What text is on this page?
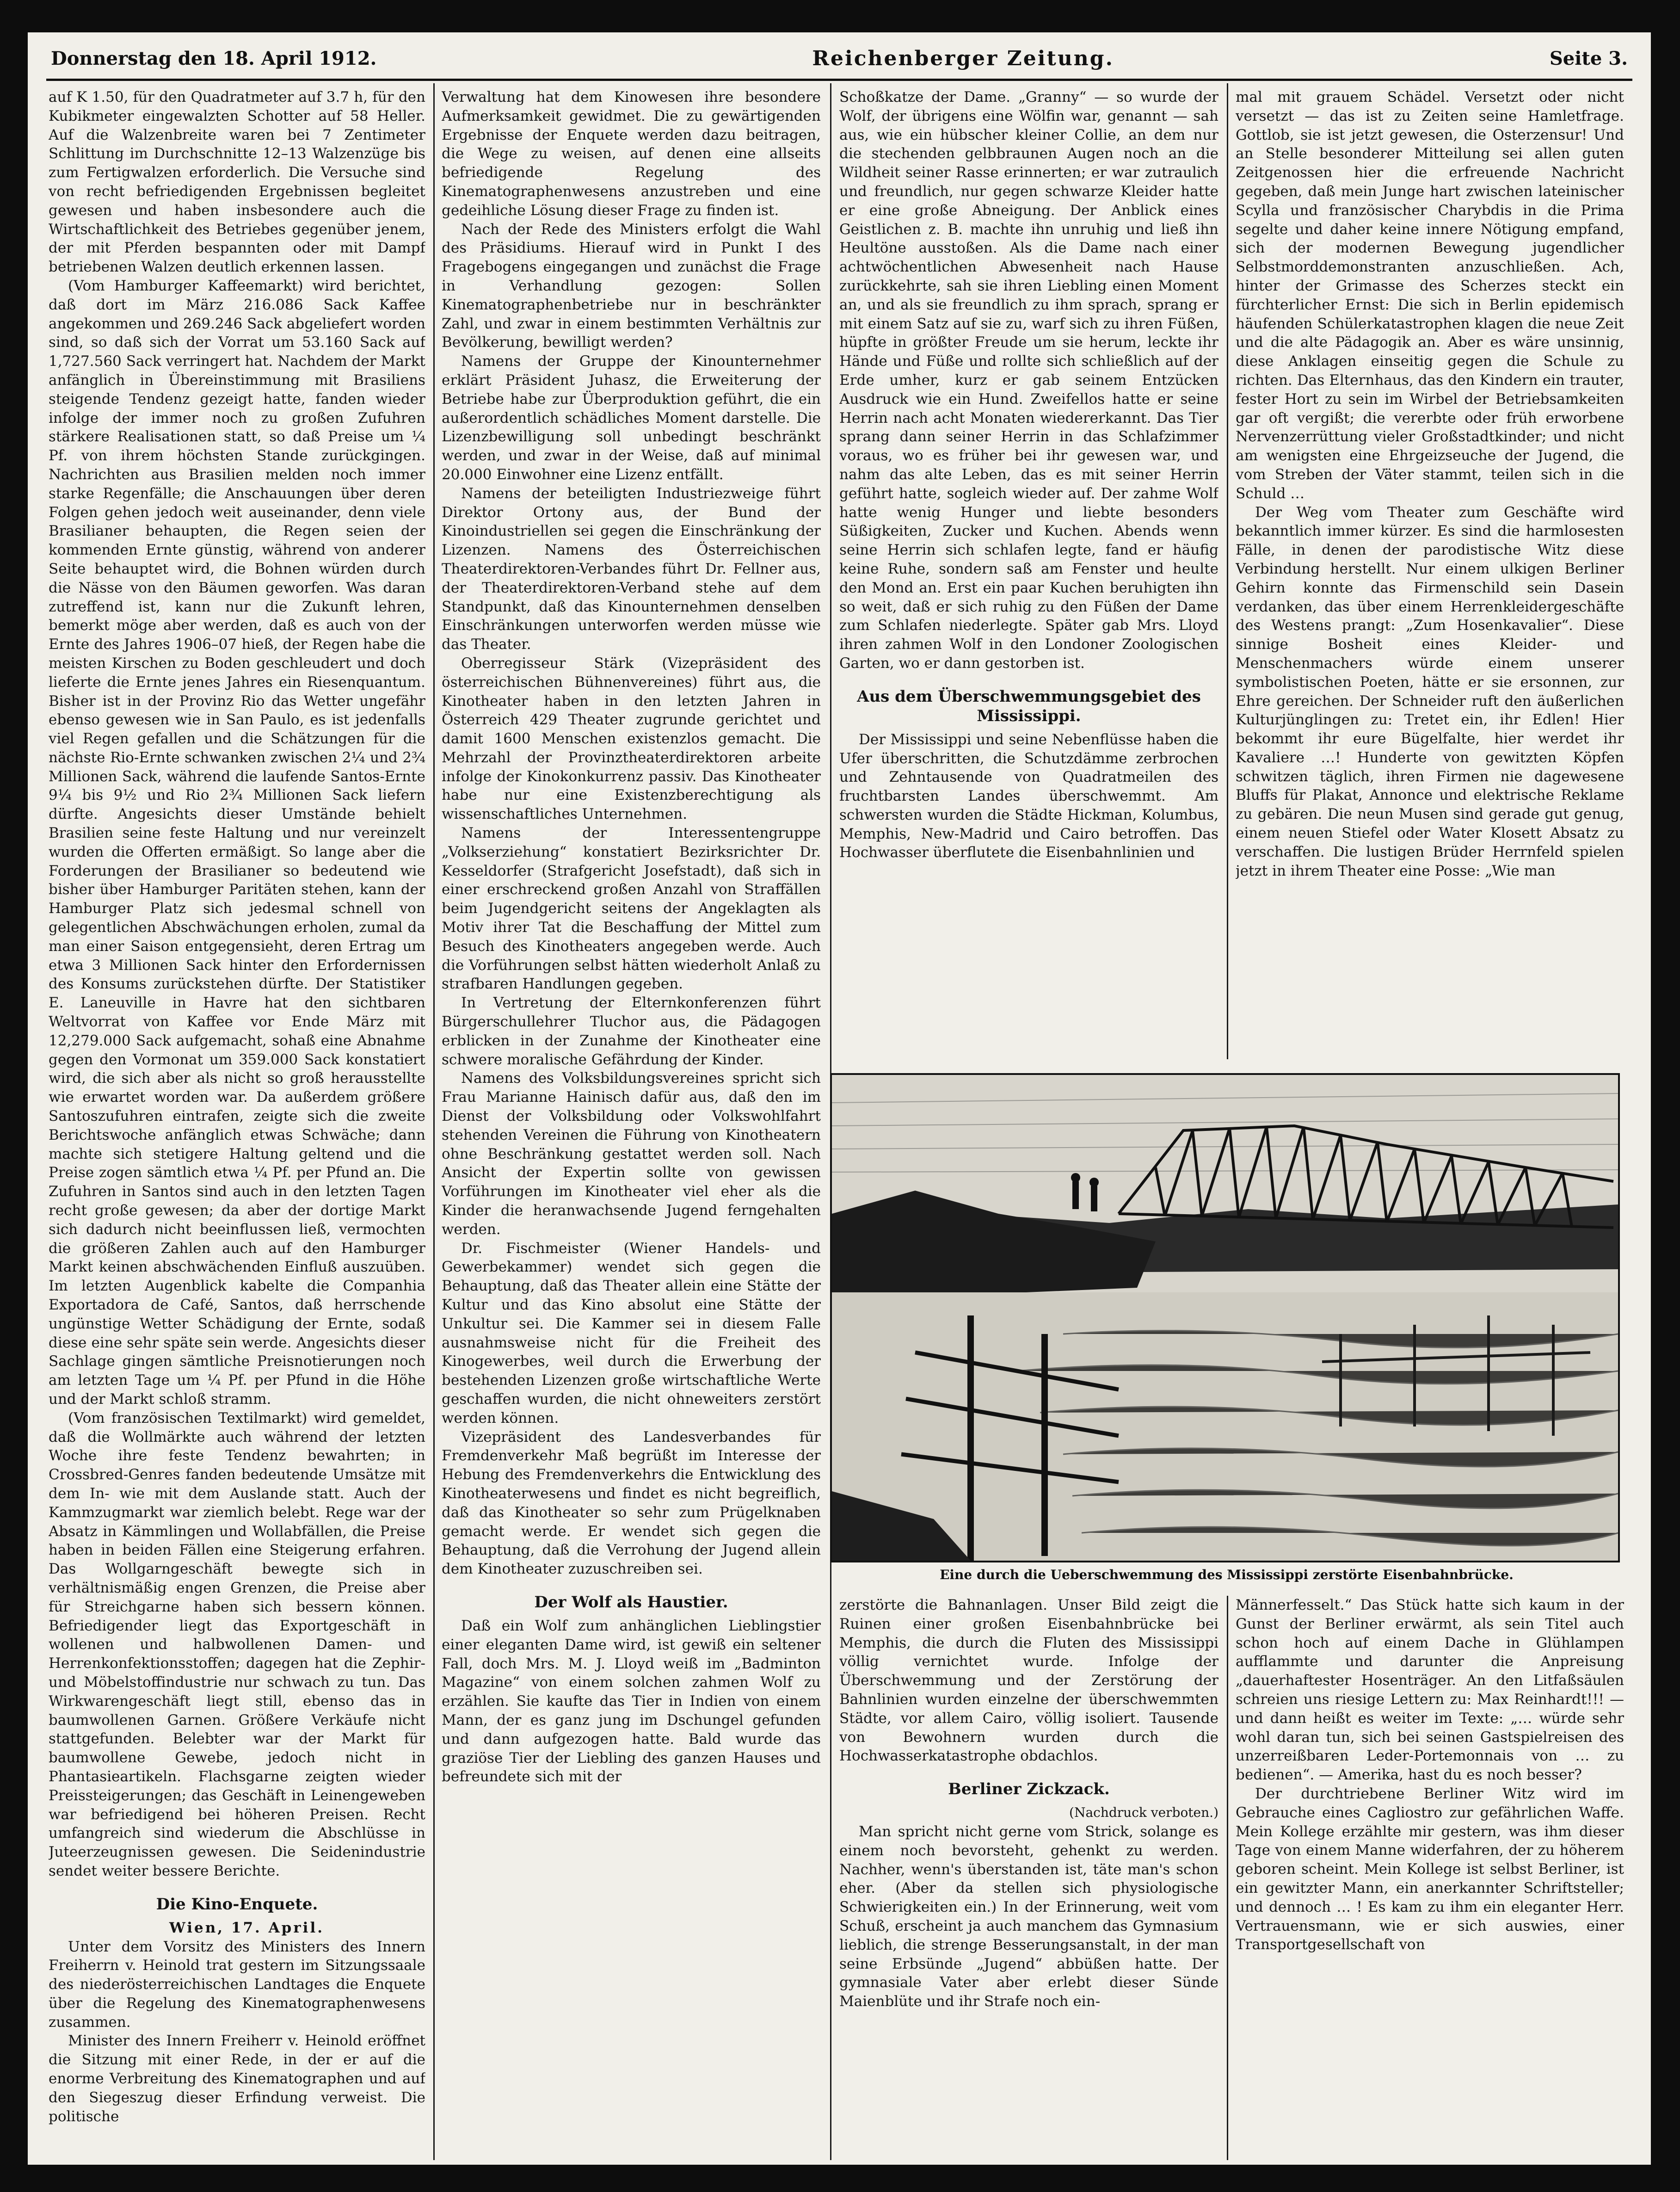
Donnerstag den 18. April 1912.	Reichenberger Zeitung.	Seite 3.

auf K 1.50, für den Quadratmeter auf 3.7 h, für den Kubikmeter eingewalzten Schotter auf 58 Heller. Auf die Walzenbreite waren bei 7 Zentimeter Schlittung im Durchschnitte 12–13 Walzenzüge bis zum Fertigwalzen erforderlich. Die Versuche sind von recht befriedigenden Ergebnissen begleitet gewesen und haben insbesondere auch die Wirtschaftlichkeit des Betriebes gegenüber jenem, der mit Pferden bespannten oder mit Dampf betriebenen Walzen deutlich erkennen lassen.

(Vom Hamburger Kaffeemarkt) wird berichtet, daß dort im März 216.086 Sack Kaffee angekommen und 269.246 Sack abgeliefert worden sind, so daß sich der Vorrat um 53.160 Sack auf 1,727.560 Sack verringert hat. Nachdem der Markt anfänglich in Übereinstimmung mit Brasiliens steigende Tendenz gezeigt hatte, fanden wieder infolge der immer noch zu großen Zufuhren stärkere Realisationen statt, so daß Preise um ¼ Pf. von ihrem höchsten Stande zurückgingen. Nachrichten aus Brasilien melden noch immer starke Regenfälle; die Anschauungen über deren Folgen gehen jedoch weit auseinander, denn viele Brasilianer behaupten, die Regen seien der kommenden Ernte günstig, während von anderer Seite behauptet wird, die Bohnen würden durch die Nässe von den Bäumen geworfen. Was daran zutreffend ist, kann nur die Zukunft lehren, bemerkt möge aber werden, daß es auch von der Ernte des Jahres 1906–07 hieß, der Regen habe die meisten Kirschen zu Boden geschleudert und doch lieferte die Ernte jenes Jahres ein Riesenquantum. Bisher ist in der Provinz Rio das Wetter ungefähr ebenso gewesen wie in San Paulo, es ist jedenfalls viel Regen gefallen und die Schätzungen für die nächste Rio-Ernte schwanken zwischen 2¼ und 2¾ Millionen Sack, während die laufende Santos-Ernte 9¼ bis 9½ und Rio 2¾ Millionen Sack liefern dürfte. Angesichts dieser Umstände behielt Brasilien seine feste Haltung und nur vereinzelt wurden die Offerten ermäßigt. So lange aber die Forderungen der Brasilianer so bedeutend wie bisher über Hamburger Paritäten stehen, kann der Hamburger Platz sich jedesmal schnell von gelegentlichen Abschwächungen erholen, zumal da man einer Saison entgegensieht, deren Ertrag um etwa 3 Millionen Sack hinter den Erfordernissen des Konsums zurückstehen dürfte. Der Statistiker E. Laneuville in Havre hat den sichtbaren Weltvorrat von Kaffee vor Ende März mit 12,279.000 Sack aufgemacht, sohaß eine Abnahme gegen den Vormonat um 359.000 Sack konstatiert wird, die sich aber als nicht so groß herausstellte wie erwartet worden war. Da außerdem größere Santoszufuhren eintrafen, zeigte sich die zweite Berichtswoche anfänglich etwas Schwäche; dann machte sich stetigere Haltung geltend und die Preise zogen sämtlich etwa ¼ Pf. per Pfund an. Die Zufuhren in Santos sind auch in den letzten Tagen recht große gewesen; da aber der dortige Markt sich dadurch nicht beeinflussen ließ, vermochten die größeren Zahlen auch auf den Hamburger Markt keinen abschwächenden Einfluß auszuüben. Im letzten Augenblick kabelte die Companhia Exportadora de Café, Santos, daß herrschende ungünstige Wetter Schädigung der Ernte, sodaß diese eine sehr späte sein werde. Angesichts dieser Sachlage gingen sämtliche Preisnotierungen noch am letzten Tage um ¼ Pf. per Pfund in die Höhe und der Markt schloß stramm.

(Vom französischen Textilmarkt) wird gemeldet, daß die Wollmärkte auch während der letzten Woche ihre feste Tendenz bewahrten; in Crossbred-Genres fanden bedeutende Umsätze mit dem In- wie mit dem Auslande statt. Auch der Kammzugmarkt war ziemlich belebt. Rege war der Absatz in Kämmlingen und Wollabfällen, die Preise haben in beiden Fällen eine Steigerung erfahren. Das Wollgarngeschäft bewegte sich in verhältnismäßig engen Grenzen, die Preise aber für Streichgarne haben sich bessern können. Befriedigender liegt das Exportgeschäft in wollenen und halbwollenen Damen- und Herrenkonfektionsstoffen; dagegen hat die Zephir- und Möbelstoffindustrie nur schwach zu tun. Das Wirkwarengeschäft liegt still, ebenso das in baumwollenen Garnen. Größere Verkäufe nicht stattgefunden. Belebter war der Markt für baumwollene Gewebe, jedoch nicht in Phantasieartikeln. Flachsgarne zeigten wieder Preissteigerungen; das Geschäft in Leinengeweben war befriedigend bei höheren Preisen. Recht umfangreich sind wiederum die Abschlüsse in Juteerzeugnissen gewesen. Die Seidenindustrie sendet weiter bessere Berichte.

Die Kino-Enquete.

Wien, 17. April.

Unter dem Vorsitz des Ministers des Innern Freiherrn v. Heinold trat gestern im Sitzungssaale des niederösterreichischen Landtages die Enquete über die Regelung des Kinematographenwesens zusammen.

Minister des Innern Freiherr v. Heinold eröffnet die Sitzung mit einer Rede, in der er auf die enorme Verbreitung des Kinematographen und auf den Siegeszug dieser Erfindung verweist. Die politische

Verwaltung hat dem Kinowesen ihre besondere Aufmerksamkeit gewidmet. Die zu gewärtigenden Ergebnisse der Enquete werden dazu beitragen, die Wege zu weisen, auf denen eine allseits befriedigende Regelung des Kinematographenwesens anzustreben und eine gedeihliche Lösung dieser Frage zu finden ist.

Nach der Rede des Ministers erfolgt die Wahl des Präsidiums. Hierauf wird in Punkt I des Fragebogens eingegangen und zunächst die Frage in Verhandlung gezogen: Sollen Kinematographenbetriebe nur in beschränkter Zahl, und zwar in einem bestimmten Verhältnis zur Bevölkerung, bewilligt werden?

Namens der Gruppe der Kinounternehmer erklärt Präsident Juhasz, die Erweiterung der Betriebe habe zur Überproduktion geführt, die ein außerordentlich schädliches Moment darstelle. Die Lizenzbewilligung soll unbedingt beschränkt werden, und zwar in der Weise, daß auf minimal 20.000 Einwohner eine Lizenz entfällt.

Namens der beteiligten Industriezweige führt Direktor Ortony aus, der Bund der Kinoindustriellen sei gegen die Einschränkung der Lizenzen. Namens des Österreichischen Theaterdirektoren-Verbandes führt Dr. Fellner aus, der Theaterdirektoren-Verband stehe auf dem Standpunkt, daß das Kinounternehmen denselben Einschränkungen unterworfen werden müsse wie das Theater.

Oberregisseur Stärk (Vizepräsident des österreichischen Bühnenvereines) führt aus, die Kinotheater haben in den letzten Jahren in Österreich 429 Theater zugrunde gerichtet und damit 1600 Menschen existenzlos gemacht. Die Mehrzahl der Provinztheaterdirektoren arbeite infolge der Kinokonkurrenz passiv. Das Kinotheater habe nur eine Existenzberechtigung als wissenschaftliches Unternehmen.

Namens der Interessentengruppe „Volkserziehung“ konstatiert Bezirksrichter Dr. Kesseldorfer (Strafgericht Josefstadt), daß sich in einer erschreckend großen Anzahl von Straffällen beim Jugendgericht seitens der Angeklagten als Motiv ihrer Tat die Beschaffung der Mittel zum Besuch des Kinotheaters angegeben werde. Auch die Vorführungen selbst hätten wiederholt Anlaß zu strafbaren Handlungen gegeben.

In Vertretung der Elternkonferenzen führt Bürgerschullehrer Tluchor aus, die Pädagogen erblicken in der Zunahme der Kinotheater eine schwere moralische Gefährdung der Kinder.

Namens des Volksbildungsvereines spricht sich Frau Marianne Hainisch dafür aus, daß den im Dienst der Volksbildung oder Volkswohlfahrt stehenden Vereinen die Führung von Kinotheatern ohne Beschränkung gestattet werden soll. Nach Ansicht der Expertin sollte von gewissen Vorführungen im Kinotheater viel eher als die Kinder die heranwachsende Jugend ferngehalten werden.

Dr. Fischmeister (Wiener Handels- und Gewerbekammer) wendet sich gegen die Behauptung, daß das Theater allein eine Stätte der Kultur und das Kino absolut eine Stätte der Unkultur sei. Die Kammer sei in diesem Falle ausnahmsweise nicht für die Freiheit des Kinogewerbes, weil durch die Erwerbung der bestehenden Lizenzen große wirtschaftliche Werte geschaffen wurden, die nicht ohneweiters zerstört werden können.

Vizepräsident des Landesverbandes für Fremdenverkehr Maß begrüßt im Interesse der Hebung des Fremdenverkehrs die Entwicklung des Kinotheaterwesens und findet es nicht begreiflich, daß das Kinotheater so sehr zum Prügelknaben gemacht werde. Er wendet sich gegen die Behauptung, daß die Verrohung der Jugend allein dem Kinotheater zuzuschreiben sei.

Der Wolf als Haustier.

Daß ein Wolf zum anhänglichen Lieblingstier einer eleganten Dame wird, ist gewiß ein seltener Fall, doch Mrs. M. J. Lloyd weiß im „Badminton Magazine“ von einem solchen zahmen Wolf zu erzählen. Sie kaufte das Tier in Indien von einem Mann, der es ganz jung im Dschungel gefunden und dann aufgezogen hatte. Bald wurde das graziöse Tier der Liebling des ganzen Hauses und befreundete sich mit der

Schoßkatze der Dame. „Granny“ — so wurde der Wolf, der übrigens eine Wölfin war, genannt — sah aus, wie ein hübscher kleiner Collie, an dem nur die stechenden gelbbraunen Augen noch an die Wildheit seiner Rasse erinnerten; er war zutraulich und freundlich, nur gegen schwarze Kleider hatte er eine große Abneigung. Der Anblick eines Geistlichen z. B. machte ihn unruhig und ließ ihn Heultöne ausstoßen. Als die Dame nach einer achtwöchentlichen Abwesenheit nach Hause zurückkehrte, sah sie ihren Liebling einen Moment an, und als sie freundlich zu ihm sprach, sprang er mit einem Satz auf sie zu, warf sich zu ihren Füßen, hüpfte in größter Freude um sie herum, leckte ihr Hände und Füße und rollte sich schließlich auf der Erde umher, kurz er gab seinem Entzücken Ausdruck wie ein Hund. Zweifellos hatte er seine Herrin nach acht Monaten wiedererkannt. Das Tier sprang dann seiner Herrin in das Schlafzimmer voraus, wo es früher bei ihr gewesen war, und nahm das alte Leben, das es mit seiner Herrin geführt hatte, sogleich wieder auf. Der zahme Wolf hatte wenig Hunger und liebte besonders Süßigkeiten, Zucker und Kuchen. Abends wenn seine Herrin sich schlafen legte, fand er häufig keine Ruhe, sondern saß am Fenster und heulte den Mond an. Erst ein paar Kuchen beruhigten ihn so weit, daß er sich ruhig zu den Füßen der Dame zum Schlafen niederlegte. Später gab Mrs. Lloyd ihren zahmen Wolf in den Londoner Zoologischen Garten, wo er dann gestorben ist.

Aus dem Überschwemmungsgebiet des Mississippi.

Der Mississippi und seine Nebenflüsse haben die Ufer überschritten, die Schutzdämme zerbrochen und Zehntausende von Quadratmeilen des fruchtbarsten Landes überschwemmt. Am schwersten wurden die Städte Hickman, Kolumbus, Memphis, New-Madrid und Cairo betroffen. Das Hochwasser überflutete die Eisenbahnlinien und

mal mit grauem Schädel. Versetzt oder nicht versetzt — das ist zu Zeiten seine Hamletfrage. Gottlob, sie ist jetzt gewesen, die Osterzensur! Und an Stelle besonderer Mitteilung sei allen guten Zeitgenossen hier die erfreuende Nachricht gegeben, daß mein Junge hart zwischen lateinischer Scylla und französischer Charybdis in die Prima segelte und daher keine innere Nötigung empfand, sich der modernen Bewegung jugendlicher Selbstmorddemonstranten anzuschließen. Ach, hinter der Grimasse des Scherzes steckt ein fürchterlicher Ernst: Die sich in Berlin epidemisch häufenden Schülerkatastrophen klagen die neue Zeit und die alte Pädagogik an. Aber es wäre unsinnig, diese Anklagen einseitig gegen die Schule zu richten. Das Elternhaus, das den Kindern ein trauter, fester Hort zu sein im Wirbel der Betriebsamkeiten gar oft vergißt; die vererbte oder früh erworbene Nervenzerrüttung vieler Großstadtkinder; und nicht am wenigsten eine Ehrgeizseuche der Jugend, die vom Streben der Väter stammt, teilen sich in die Schuld …

Der Weg vom Theater zum Geschäfte wird bekanntlich immer kürzer. Es sind die harmlosesten Fälle, in denen der parodistische Witz diese Verbindung herstellt. Nur einem ulkigen Berliner Gehirn konnte das Firmenschild sein Dasein verdanken, das über einem Herrenkleidergeschäfte des Westens prangt: „Zum Hosenkavalier“. Diese sinnige Bosheit eines Kleider- und Menschenmachers würde einem unserer symbolistischen Poeten, hätte er sie ersonnen, zur Ehre gereichen. Der Schneider ruft den äußerlichen Kulturjünglingen zu: Tretet ein, ihr Edlen! Hier bekommt ihr eure Bügelfalte, hier werdet ihr Kavaliere …! Hunderte von gewitzten Köpfen schwitzen täglich, ihren Firmen nie dagewesene Bluffs für Plakat, Annonce und elektrische Reklame zu gebären. Die neun Musen sind gerade gut genug, einem neuen Stiefel oder Water Klosett Absatz zu verschaffen. Die lustigen Brüder Herrnfeld spielen jetzt in ihrem Theater eine Posse: „Wie man

Eine durch die Ueberschwemmung des Mississippi zerstörte Eisenbahnbrücke.

zerstörte die Bahnanlagen. Unser Bild zeigt die Ruinen einer großen Eisenbahnbrücke bei Memphis, die durch die Fluten des Mississippi völlig vernichtet wurde. Infolge der Überschwemmung und der Zerstörung der Bahnlinien wurden einzelne der überschwemmten Städte, vor allem Cairo, völlig isoliert. Tausende von Bewohnern wurden durch die Hochwasserkatastrophe obdachlos.

Berliner Zickzack.

(Nachdruck verboten.)

Man spricht nicht gerne vom Strick, solange es einem noch bevorsteht, gehenkt zu werden. Nachher, wenn's überstanden ist, täte man's schon eher. (Aber da stellen sich physiologische Schwierigkeiten ein.) In der Erinnerung, weit vom Schuß, erscheint ja auch manchem das Gymnasium lieblich, die strenge Besserungsanstalt, in der man seine Erbsünde „Jugend“ abbüßen hatte. Der gymnasiale Vater aber erlebt dieser Sünde Maienblüte und ihr Strafe noch ein-

Männerfesselt.“ Das Stück hatte sich kaum in der Gunst der Berliner erwärmt, als sein Titel auch schon hoch auf einem Dache in Glühlampen aufflammte und darunter die Anpreisung „dauerhaftester Hosenträger. An den Litfaßsäulen schreien uns riesige Lettern zu: Max Reinhardt!!! — und dann heißt es weiter im Texte: „… würde sehr wohl daran tun, sich bei seinen Gastspielreisen des unzerreißbaren Leder-Portemonnais von … zu bedienen“. — Amerika, hast du es noch besser?

Der durchtriebene Berliner Witz wird im Gebrauche eines Cagliostro zur gefährlichen Waffe. Mein Kollege erzählte mir gestern, was ihm dieser Tage von einem Manne widerfahren, der zu höherem geboren scheint. Mein Kollege ist selbst Berliner, ist ein gewitzter Mann, ein anerkannter Schriftsteller; und dennoch … ! Es kam zu ihm ein eleganter Herr. Vertrauensmann, wie er sich auswies, einer Transportgesellschaft von
